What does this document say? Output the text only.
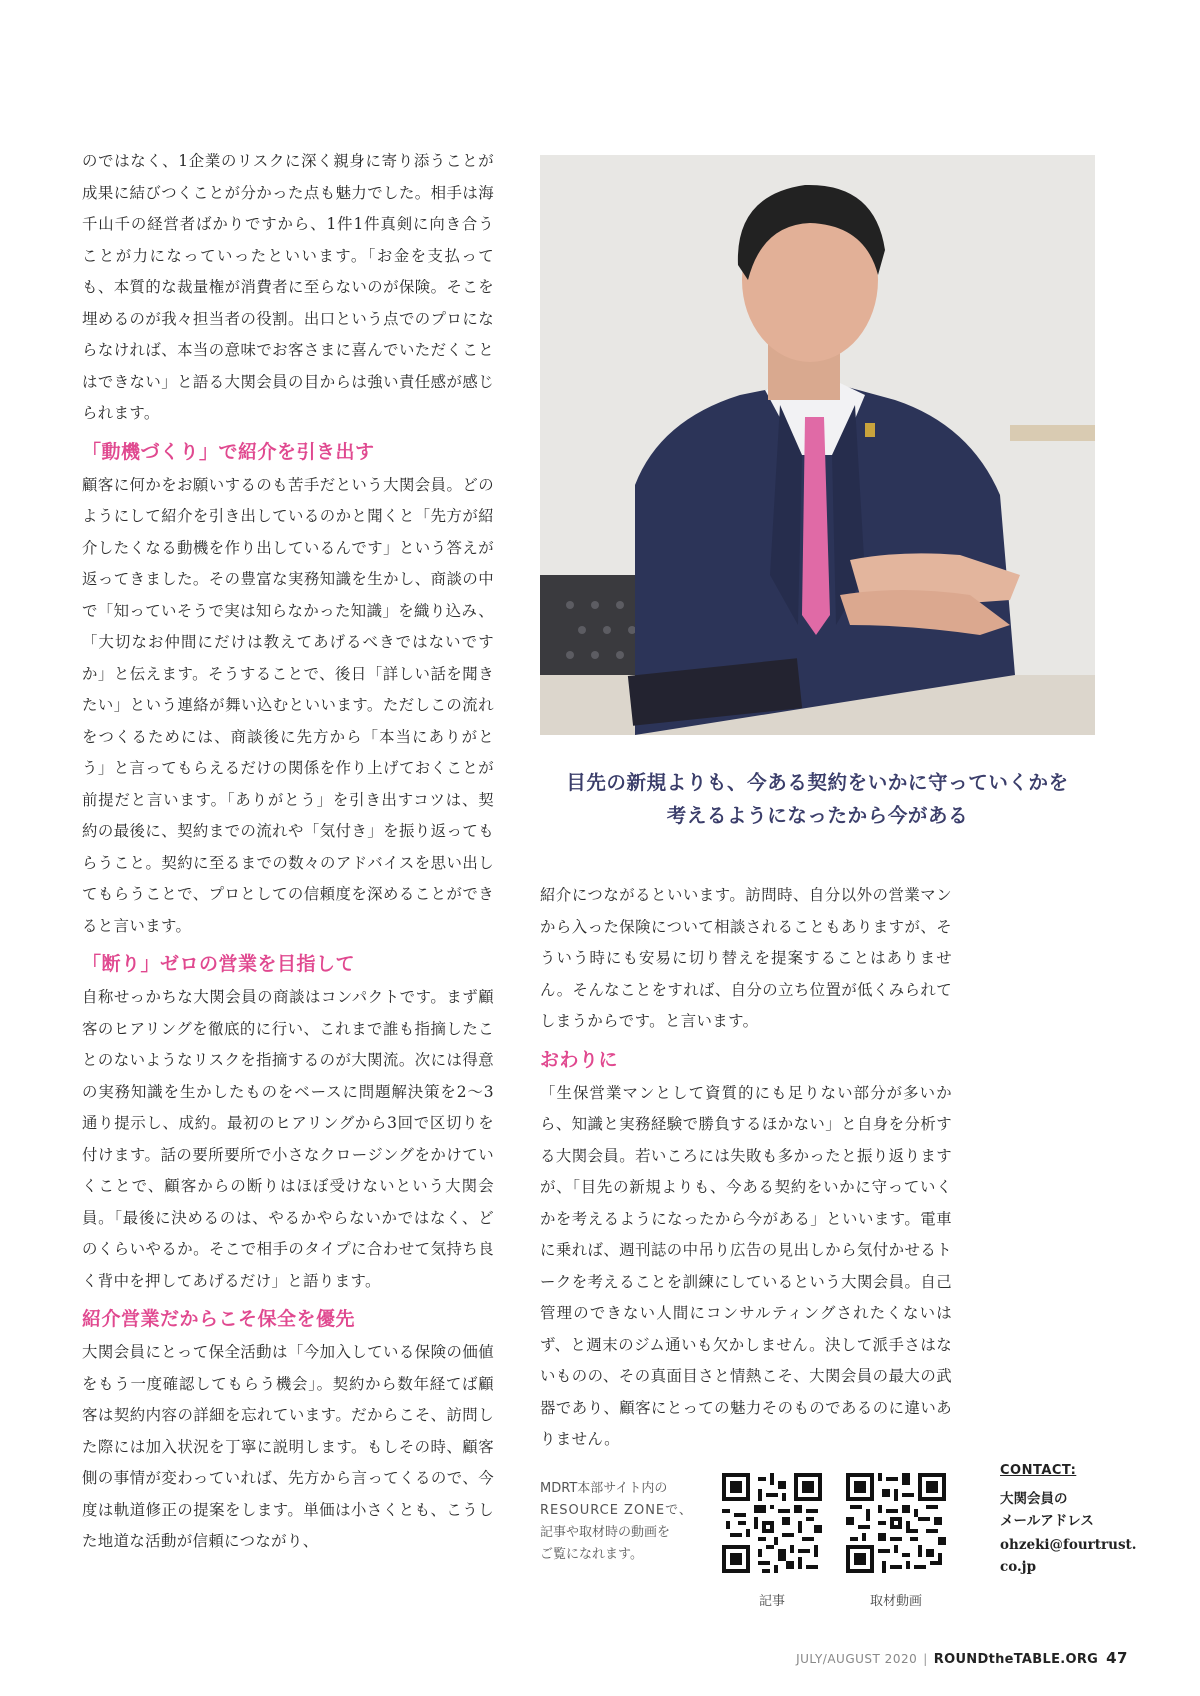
のではなく、1企業のリスクに深く親身に寄り添うことが成果に結びつくことが分かった点も魅力でした。相手は海千山千の経営者ばかりですから、1件1件真剣に向き合うことが力になっていったといいます。「お金を支払っても、本質的な裁量権が消費者に至らないのが保険。そこを埋めるのが我々担当者の役割。出口という点でのプロにならなければ、本当の意味でお客さまに喜んでいただくことはできない」と語る大関会員の目からは強い責任感が感じられます。

「動機づくり」で紹介を引き出す

顧客に何かをお願いするのも苦手だという大関会員。どのようにして紹介を引き出しているのかと聞くと「先方が紹介したくなる動機を作り出しているんです」という答えが返ってきました。その豊富な実務知識を生かし、商談の中で「知っていそうで実は知らなかった知識」を織り込み、「大切なお仲間にだけは教えてあげるべきではないですか」と伝えます。そうすることで、後日「詳しい話を聞きたい」という連絡が舞い込むといいます。ただしこの流れをつくるためには、商談後に先方から「本当にありがとう」と言ってもらえるだけの関係を作り上げておくことが前提だと言います。「ありがとう」を引き出すコツは、契約の最後に、契約までの流れや「気付き」を振り返ってもらうこと。契約に至るまでの数々のアドバイスを思い出してもらうことで、プロとしての信頼度を深めることができると言います。

「断り」ゼロの営業を目指して

自称せっかちな大関会員の商談はコンパクトです。まず顧客のヒアリングを徹底的に行い、これまで誰も指摘したことのないようなリスクを指摘するのが大関流。次には得意の実務知識を生かしたものをベースに問題解決策を2〜3通り提示し、成約。最初のヒアリングから3回で区切りを付けます。話の要所要所で小さなクロージングをかけていくことで、顧客からの断りはほぼ受けないという大関会員。「最後に決めるのは、やるかやらないかではなく、どのくらいやるか。そこで相手のタイプに合わせて気持ち良く背中を押してあげるだけ」と語ります。

紹介営業だからこそ保全を優先

大関会員にとって保全活動は「今加入している保険の価値をもう一度確認してもらう機会」。契約から数年経てば顧客は契約内容の詳細を忘れています。だからこそ、訪問した際には加入状況を丁寧に説明します。もしその時、顧客側の事情が変わっていれば、先方から言ってくるので、今度は軌道修正の提案をします。単価は小さくとも、こうした地道な活動が信頼につながり、

目先の新規よりも、今ある契約をいかに守っていくかを
考えるようになったから今がある

紹介につながるといいます。訪問時、自分以外の営業マンから入った保険について相談されることもありますが、そういう時にも安易に切り替えを提案することはありません。そんなことをすれば、自分の立ち位置が低くみられてしまうからです。と言います。

おわりに

「生保営業マンとして資質的にも足りない部分が多いから、知識と実務経験で勝負するほかない」と自身を分析する大関会員。若いころには失敗も多かったと振り返りますが、「目先の新規よりも、今ある契約をいかに守っていくかを考えるようになったから今がある」といいます。電車に乗れば、週刊誌の中吊り広告の見出しから気付かせるトークを考えることを訓練にしているという大関会員。自己管理のできない人間にコンサルティングされたくないはず、と週末のジム通いも欠かしません。決して派手さはないものの、その真面目さと情熱こそ、大関会員の最大の武器であり、顧客にとっての魅力そのものであるのに違いありません。

MDRT本部サイト内の
RESOURCE ZONEで、
記事や取材時の動画を
ご覧になれます。
記事	取材動画
CONTACT:
大関会員の
メールアドレス
ohzeki@fourtrust.
co.jp
JULY/AUGUST 2020 | ROUNDtheTABLE.ORG 47
